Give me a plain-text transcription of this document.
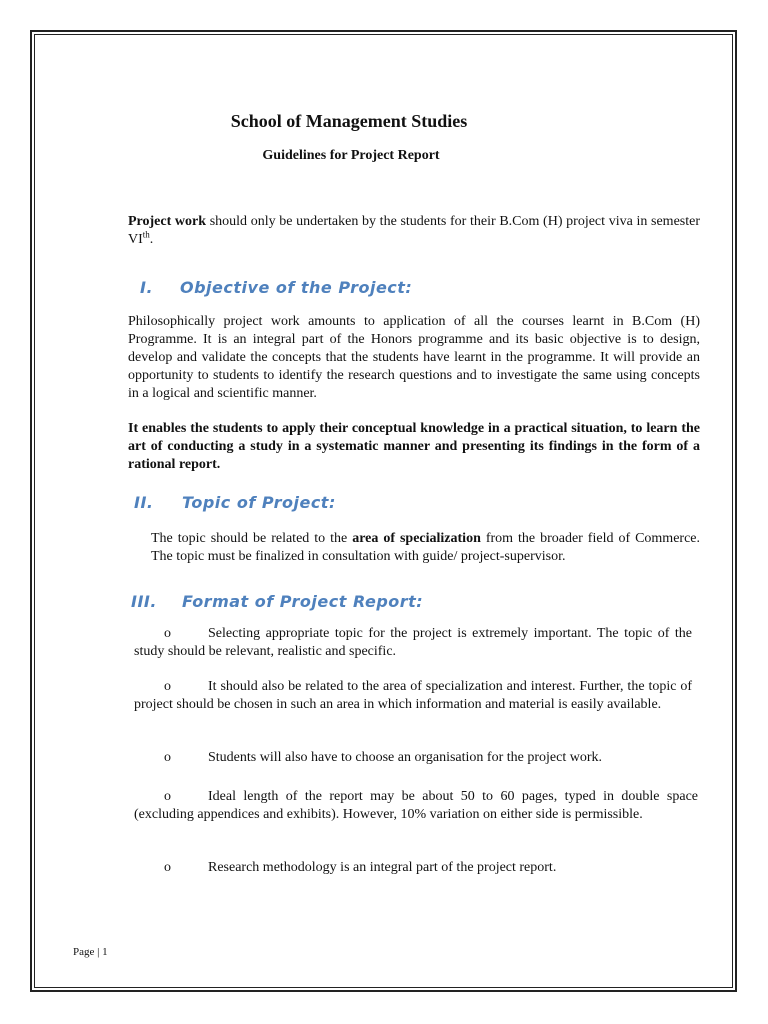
School of Management Studies
Guidelines for Project Report
Project work should only be undertaken by the students for their B.Com (H) project viva in semester VIth.
I. Objective of the Project:
Philosophically project work amounts to application of all the courses learnt in B.Com (H) Programme. It is an integral part of the Honors programme and its basic objective is to design, develop and validate the concepts that the students have learnt in the programme. It will provide an opportunity to students to identify the research questions and to investigate the same using concepts in a logical and scientific manner.
It enables the students to apply their conceptual knowledge in a practical situation, to learn the art of conducting a study in a systematic manner and presenting its findings in the form of a rational report.
II. Topic of Project:
The topic should be related to the area of specialization from the broader field of Commerce. The topic must be finalized in consultation with guide/ project-supervisor.
III. Format of Project Report:
o	Selecting appropriate topic for the project is extremely important. The topic of the study should be relevant, realistic and specific.
o	It should also be related to the area of specialization and interest. Further, the topic of project should be chosen in such an area in which information and material is easily available.
o	Students will also have to choose an organisation for the project work.
o	Ideal length of the report may be about 50 to 60 pages, typed in double space (excluding appendices and exhibits). However, 10% variation on either side is permissible.
o	Research methodology is an integral part of the project report.
Page | 1
